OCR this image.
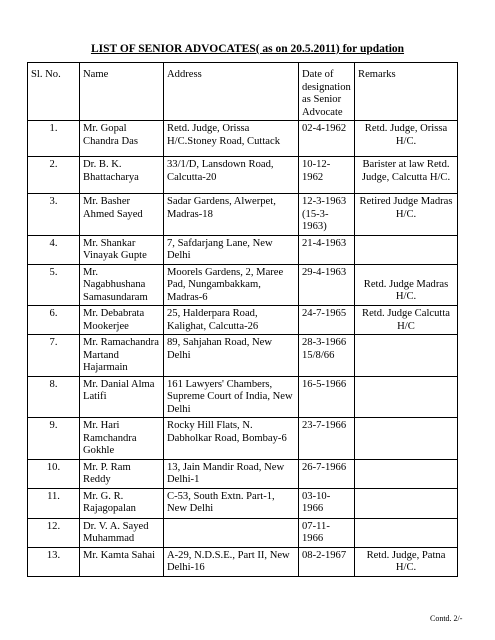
LIST OF SENIOR ADVOCATES( as on 20.5.2011) for updation
Sl. No.	Name	Address	Date of designation as Senior Advocate	Remarks
1.	Mr. Gopal Chandra Das	Retd. Judge, Orissa H/C.Stoney Road, Cuttack	02-4-1962	Retd. Judge, Orissa H/C.
2.	Dr. B. K. Bhattacharya	33/1/D, Lansdown Road, Calcutta-20	10-12-1962	Barister at law Retd. Judge, Calcutta H/C.
3.	Mr. Basher Ahmed Sayed	Sadar Gardens, Alwerpet, Madras-18	12-3-1963 (15-3-1963)	Retired Judge Madras H/C.
4.	Mr. Shankar Vinayak Gupte	7, Safdarjang Lane, New Delhi	21-4-1963	
5.	Mr. Nagabhushana Samasundaram	Moorels Gardens, 2, Maree Pad, Nungambakkam, Madras-6	29-4-1963	Retd. Judge Madras H/C.
6.	Mr. Debabrata Mookerjee	25, Halderpara Road, Kalighat, Calcutta-26	24-7-1965	Retd. Judge Calcutta H/C
7.	Mr. Ramachandra Martand Hajarmain	89, Sahjahan Road, New Delhi	28-3-1966 15/8/66	
8.	Mr. Danial Alma Latifi	161 Lawyers' Chambers, Supreme Court of India, New Delhi	16-5-1966	
9.	Mr. Hari Ramchandra Gokhle	Rocky Hill Flats, N. Dabholkar Road, Bombay-6	23-7-1966	
10.	Mr. P. Ram Reddy	13, Jain Mandir Road, New Delhi-1	26-7-1966	
11.	Mr. G. R. Rajagopalan	C-53, South Extn. Part-1, New Delhi	03-10-1966	
12.	Dr. V. A. Sayed Muhammad		07-11-1966	
13.	Mr. Kamta Sahai	A-29, N.D.S.E., Part II, New Delhi-16	08-2-1967	Retd. Judge, Patna H/C.
Contd. 2/-
